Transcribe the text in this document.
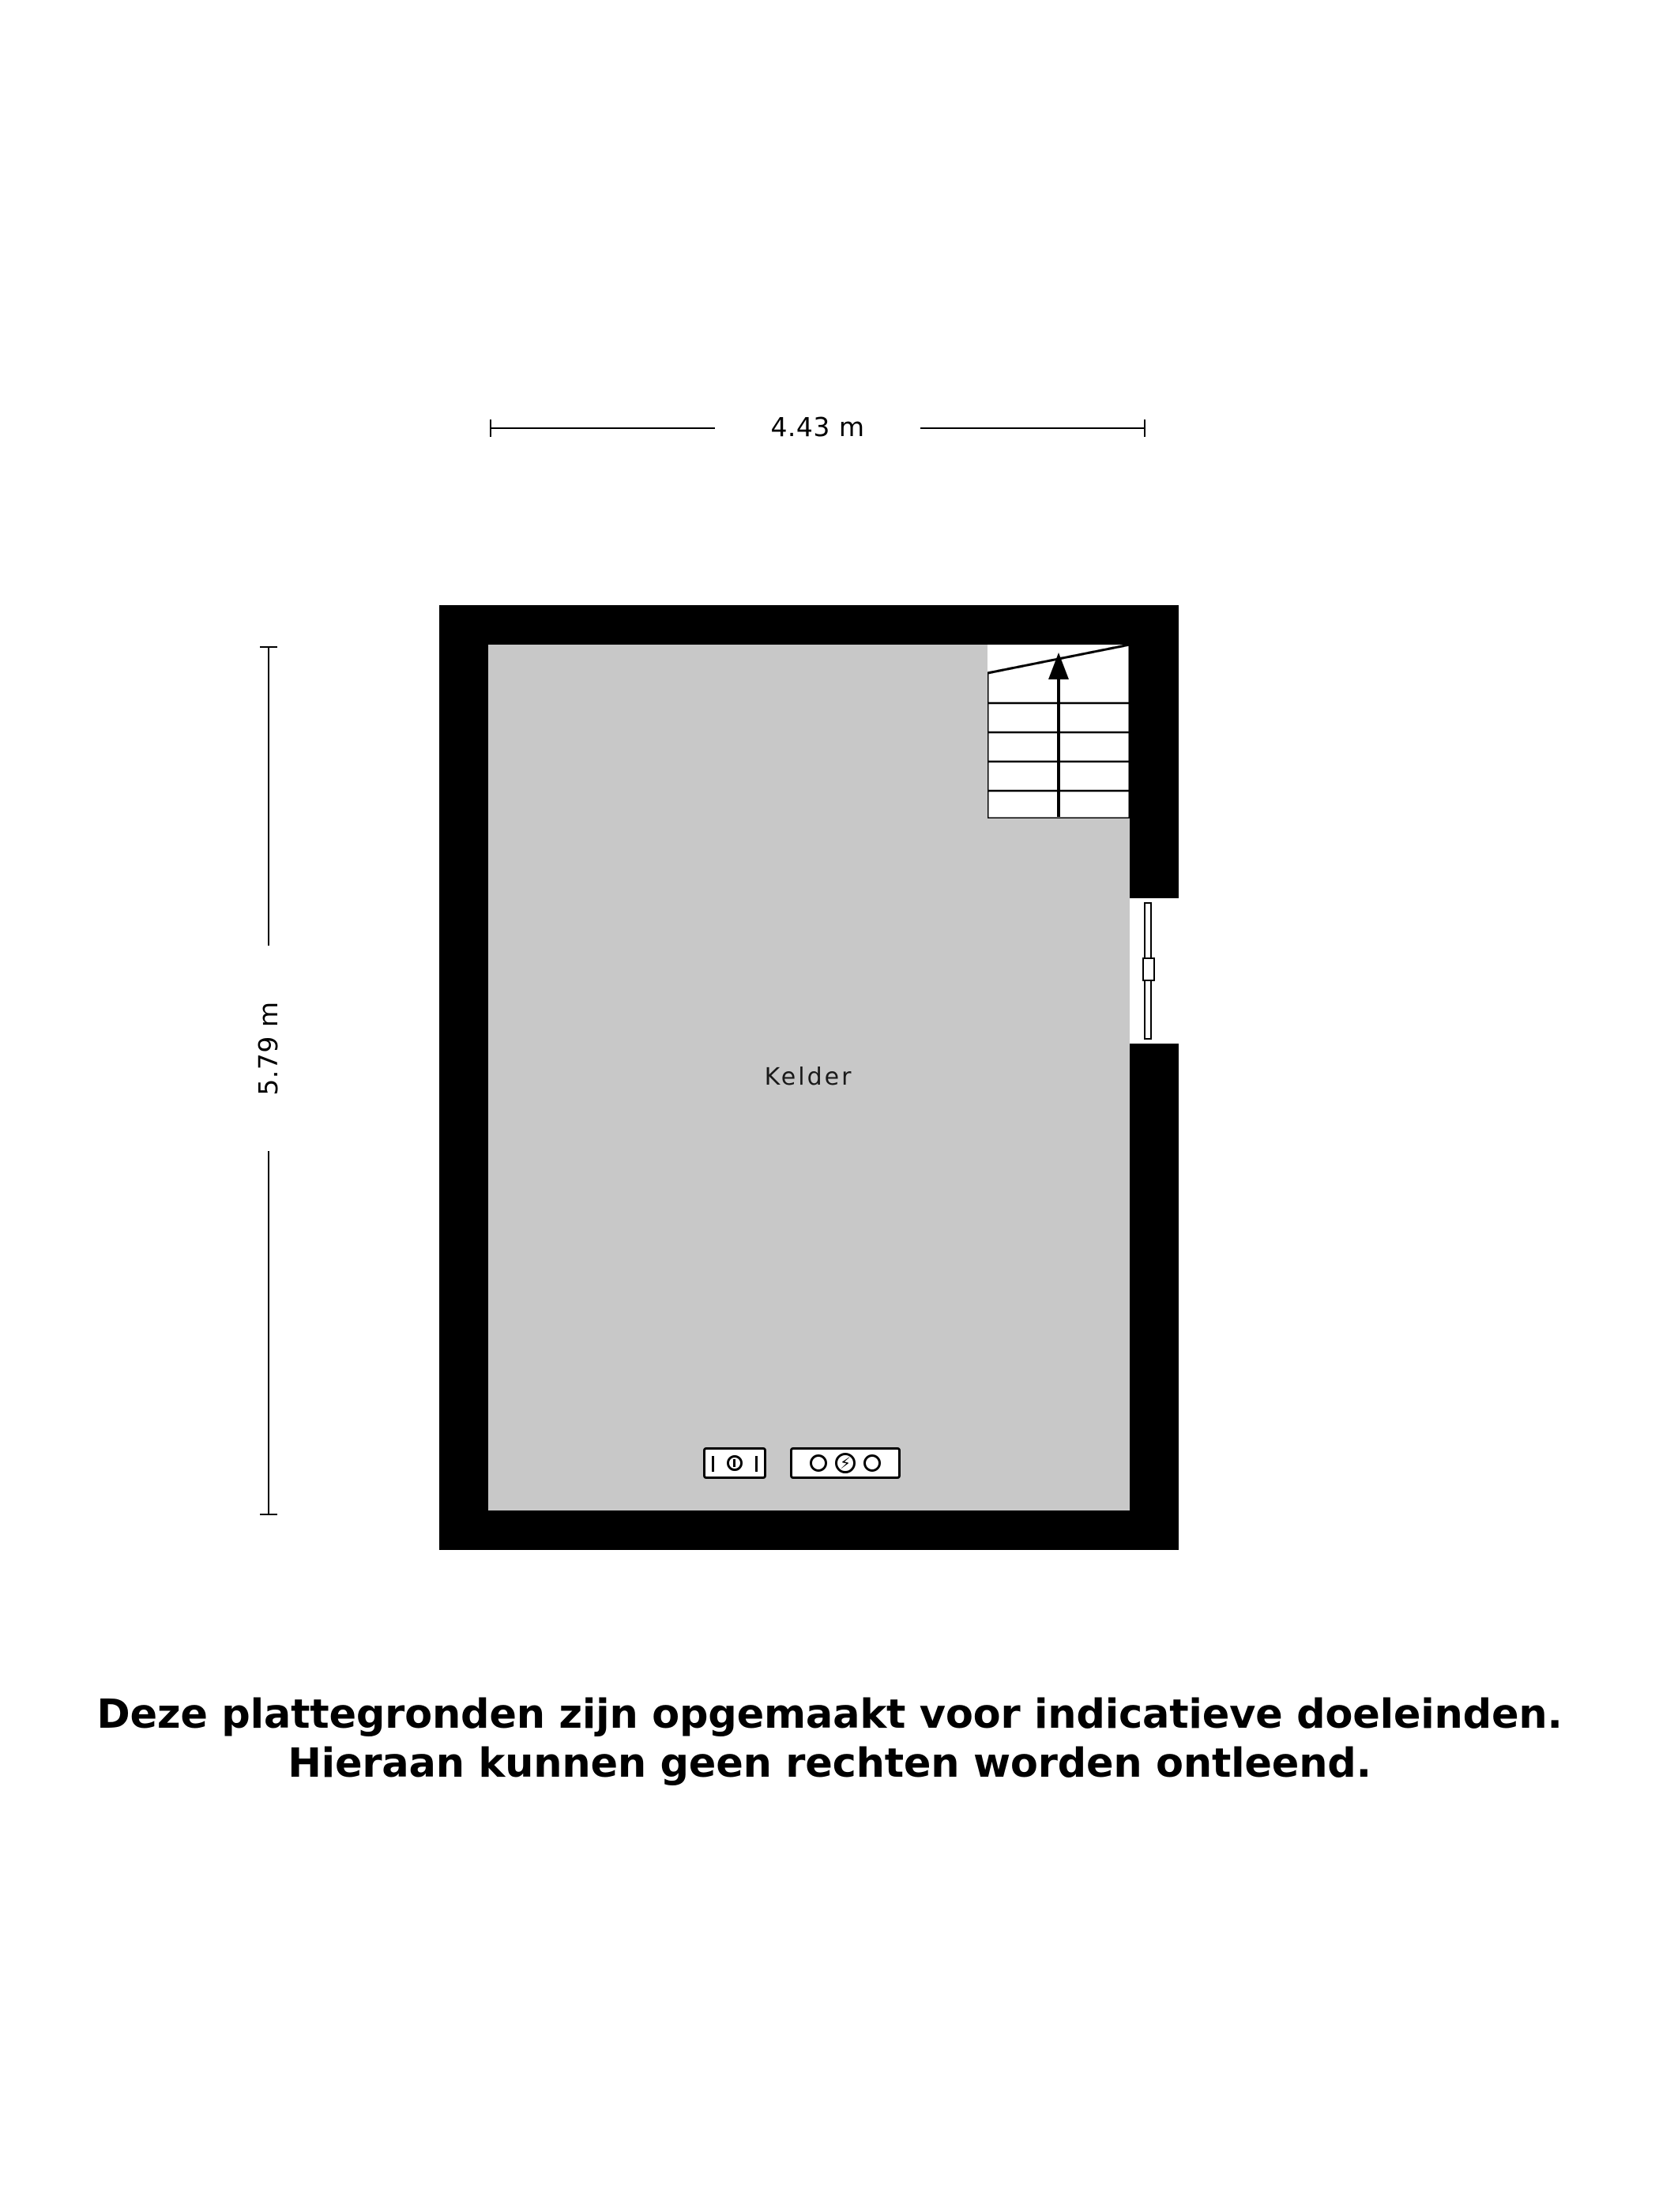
4.43 m
5.79 m	Kelder
⚡
Deze plattegronden zijn opgemaakt voor indicatieve doeleinden.
Hieraan kunnen geen rechten worden ontleend.
